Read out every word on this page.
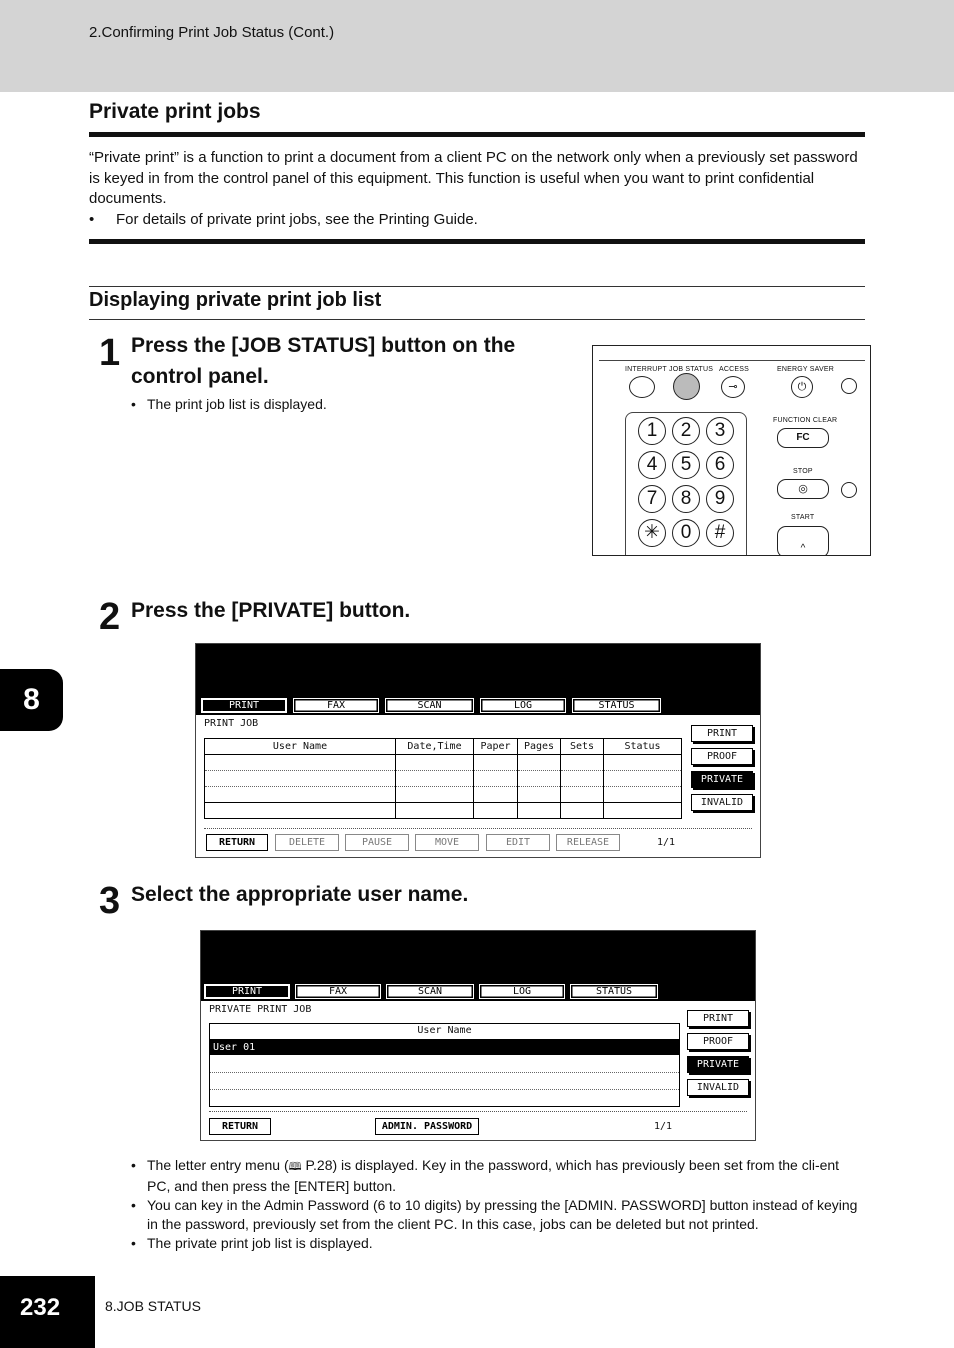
2.Confirming Print Job Status (Cont.)
Private print jobs

“Private print” is a function to print a document from a client PC on the network only when a previously set password is keyed in from the control panel of this equipment. This function is useful when you want to print confidential documents.

• For details of private print jobs, see the Printing Guide.

Displaying private print job list
1 Press the [JOB STATUS] button on the
control panel.

• The print job list is displayed.

INTERRUPT JOB STATUS ACCESS	ENERGY SAVER
⊸	⏻
1	2	3
4	5	6
7	8	9
✳	0	#
FUNCTION CLEAR
FC
STOP
◎
START
^
2 Press the [PRIVATE] button.
PRINT	FAX	SCAN	LOG	STATUS
PRINT JOB
User Name	Date,Time	Paper	Pages	Sets	Status

PRINT
PROOF
PRIVATE
INVALID
RETURN	DELETE	PAUSE	MOVE	EDIT	RELEASE	1/1
3 Select the appropriate user name.
PRINT	FAX	SCAN	LOG	STATUS
PRIVATE PRINT JOB
User Name
User 01
PRINT
PROOF
PRIVATE
INVALID
RETURN	ADMIN. PASSWORD	1/1

• The letter entry menu (🕮 P.28) is displayed. Key in the password, which has previously been set from the cli-ent PC, and then press the [ENTER] button.

• You can key in the Admin Password (6 to 10 digits) by pressing the [ADMIN. PASSWORD] button instead of keying in the password, previously set from the client PC. In this case, jobs can be deleted but not printed.

• The private print job list is displayed.

8
232	8.JOB STATUS
